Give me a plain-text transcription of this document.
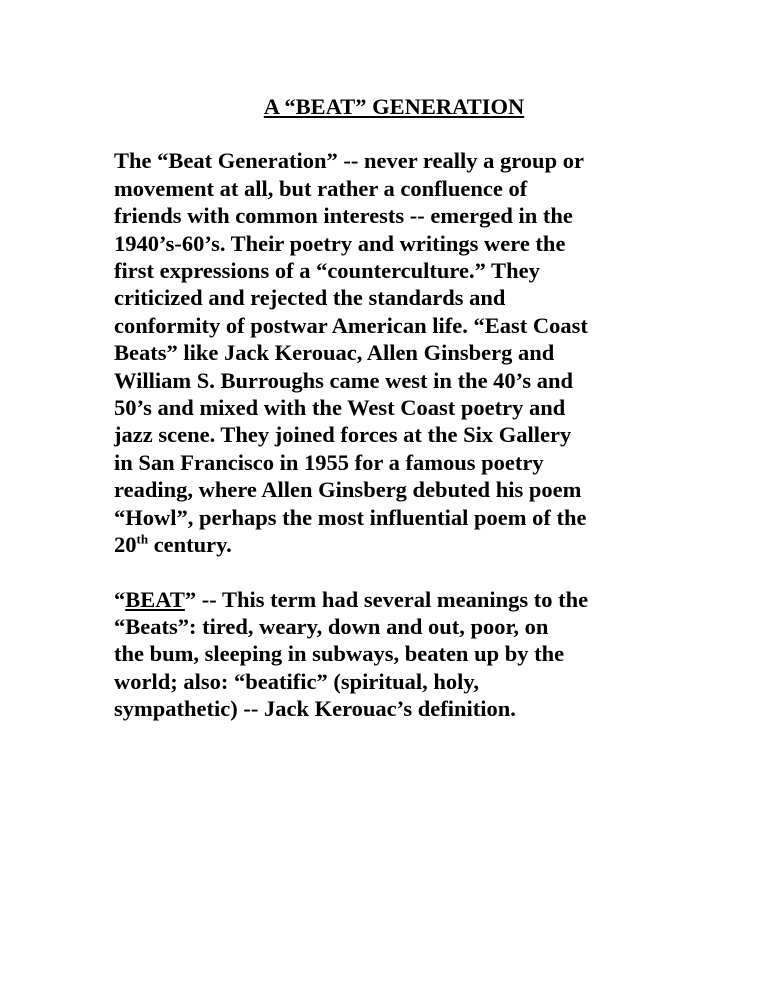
A “BEAT” GENERATION
The “Beat Generation” -- never really a group or
movement at all, but rather a confluence of
friends with common interests -- emerged in the
1940’s-60’s. Their poetry and writings were the
first expressions of a “counterculture.” They
criticized and rejected the standards and
conformity of postwar American life. “East Coast
Beats” like Jack Kerouac, Allen Ginsberg and
William S. Burroughs came west in the 40’s and
50’s and mixed with the West Coast poetry and
jazz scene. They joined forces at the Six Gallery
in San Francisco in 1955 for a famous poetry
reading, where Allen Ginsberg debuted his poem
“Howl”, perhaps the most influential poem of the
20th century.
“BEAT” -- This term had several meanings to the
“Beats”: tired, weary, down and out, poor, on
the bum, sleeping in subways, beaten up by the
world; also: “beatific” (spiritual, holy,
sympathetic) -- Jack Kerouac’s definition.
